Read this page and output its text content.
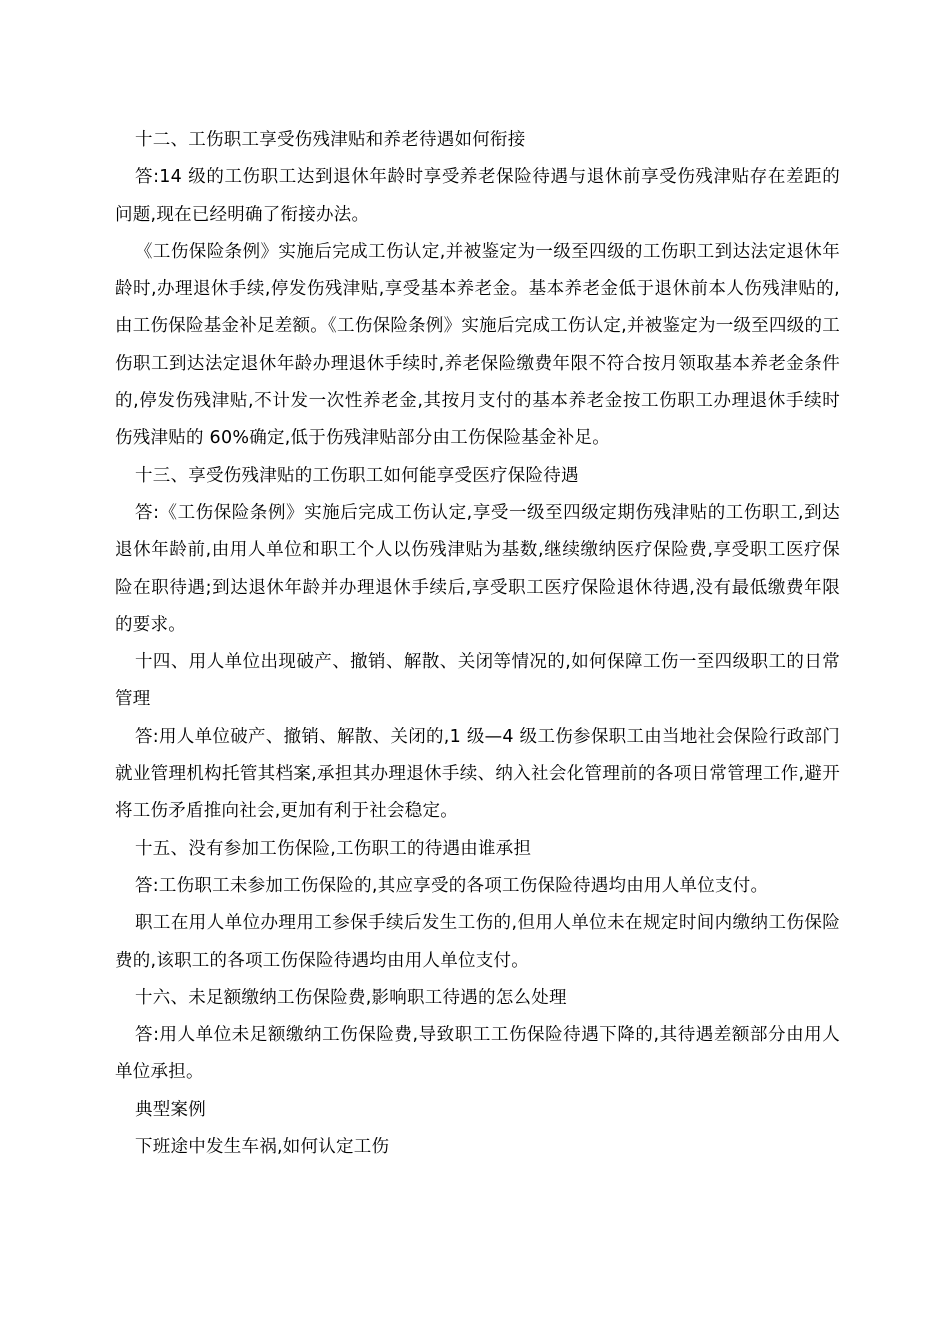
十二、工伤职工享受伤残津贴和养老待遇如何衔接

答:14 级的工伤职工达到退休年龄时享受养老保险待遇与退休前享受伤残津贴存在差距的问题,现在已经明确了衔接办法。

《工伤保险条例》实施后完成工伤认定,并被鉴定为一级至四级的工伤职工到达法定退休年龄时,办理退休手续,停发伤残津贴,享受基本养老金。基本养老金低于退休前本人伤残津贴的,由工伤保险基金补足差额。《工伤保险条例》实施后完成工伤认定,并被鉴定为一级至四级的工伤职工到达法定退休年龄办理退休手续时,养老保险缴费年限不符合按月领取基本养老金条件的,停发伤残津贴,不计发一次性养老金,其按月支付的基本养老金按工伤职工办理退休手续时伤残津贴的 60%确定,低于伤残津贴部分由工伤保险基金补足。

十三、享受伤残津贴的工伤职工如何能享受医疗保险待遇

答:《工伤保险条例》实施后完成工伤认定,享受一级至四级定期伤残津贴的工伤职工,到达退休年龄前,由用人单位和职工个人以伤残津贴为基数,继续缴纳医疗保险费,享受职工医疗保险在职待遇;到达退休年龄并办理退休手续后,享受职工医疗保险退休待遇,没有最低缴费年限的要求。

十四、用人单位出现破产、撤销、解散、关闭等情况的,如何保障工伤一至四级职工的日常管理

答:用人单位破产、撤销、解散、关闭的,1 级—4 级工伤参保职工由当地社会保险行政部门就业管理机构托管其档案,承担其办理退休手续、纳入社会化管理前的各项日常管理工作,避开将工伤矛盾推向社会,更加有利于社会稳定。

十五、没有参加工伤保险,工伤职工的待遇由谁承担

答:工伤职工未参加工伤保险的,其应享受的各项工伤保险待遇均由用人单位支付。

职工在用人单位办理用工参保手续后发生工伤的,但用人单位未在规定时间内缴纳工伤保险费的,该职工的各项工伤保险待遇均由用人单位支付。

十六、未足额缴纳工伤保险费,影响职工待遇的怎么处理

答:用人单位未足额缴纳工伤保险费,导致职工工伤保险待遇下降的,其待遇差额部分由用人单位承担。

典型案例

下班途中发生车祸,如何认定工伤
